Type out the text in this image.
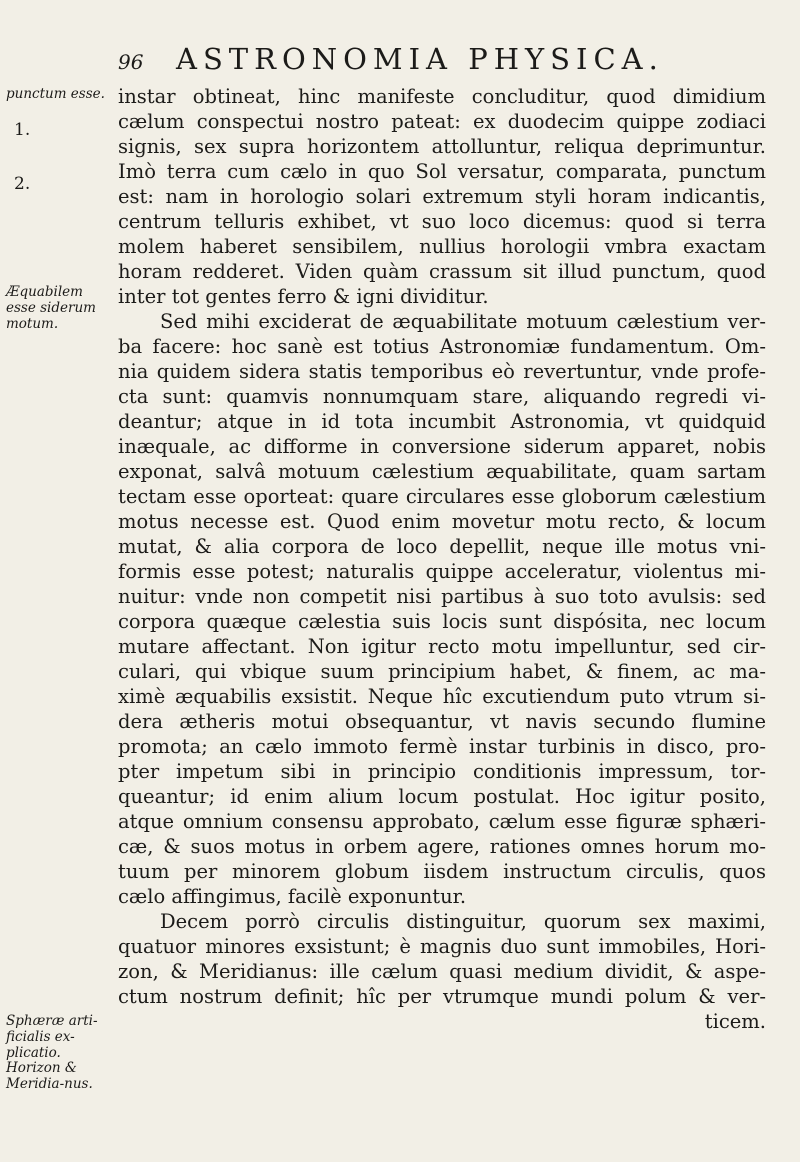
96 ASTRONOMIA PHYSICA.
punctum esse.
1.
2.
Æquabilem esse siderum motum.
Sphæræ arti-ficialis ex-plicatio.
Horizon & Meridia-nus.
instar obtineat, hinc manifeste concluditur, quod dimidium
cælum conspectui nostro pateat: ex duodecim quippe zodiaci
signis, sex supra horizontem attolluntur, reliqua deprimuntur.
Imò terra cum cælo in quo Sol versatur, comparata, punctum
est: nam in horologio solari extremum styli horam indicantis,
centrum telluris exhibet, vt suo loco dicemus: quod si terra
molem haberet sensibilem, nullius horologii vmbra exactam
horam redderet. Viden quàm crassum sit illud punctum, quod
inter tot gentes ferro & igni dividitur.
Sed mihi exciderat de æquabilitate motuum cælestium ver-
ba facere: hoc sanè est totius Astronomiæ fundamentum. Om-
nia quidem sidera statis temporibus eò revertuntur, vnde profe-
cta sunt: quamvis nonnumquam stare, aliquando regredi vi-
deantur; atque in id tota incumbit Astronomia, vt quidquid
inæquale, ac difforme in conversione siderum apparet, nobis
exponat, salvâ motuum cælestium æquabilitate, quam sartam
tectam esse oporteat: quare circulares esse globorum cælestium
motus necesse est. Quod enim movetur motu recto, & locum
mutat, & alia corpora de loco depellit, neque ille motus vni-
formis esse potest; naturalis quippe acceleratur, violentus mi-
nuitur: vnde non competit nisi partibus à suo toto avulsis: sed
corpora quæque cælestia suis locis sunt dispósita, nec locum
mutare affectant. Non igitur recto motu impelluntur, sed cir-
culari, qui vbique suum principium habet, & finem, ac ma-
ximè æquabilis exsistit. Neque hîc excutiendum puto vtrum si-
dera ætheris motui obsequantur, vt navis secundo flumine
promota; an cælo immoto fermè instar turbinis in disco, pro-
pter impetum sibi in principio conditionis impressum, tor-
queantur; id enim alium locum postulat. Hoc igitur posito,
atque omnium consensu approbato, cælum esse figuræ sphæri-
cæ, & suos motus in orbem agere, rationes omnes horum mo-
tuum per minorem globum iisdem instructum circulis, quos
cælo affingimus, facilè exponuntur.
Decem porrò circulis distinguitur, quorum sex maximi,
quatuor minores exsistunt; è magnis duo sunt immobiles, Hori-
zon, & Meridianus: ille cælum quasi medium dividit, & aspe-
ctum nostrum definit; hîc per vtrumque mundi polum & ver-
ticem.
